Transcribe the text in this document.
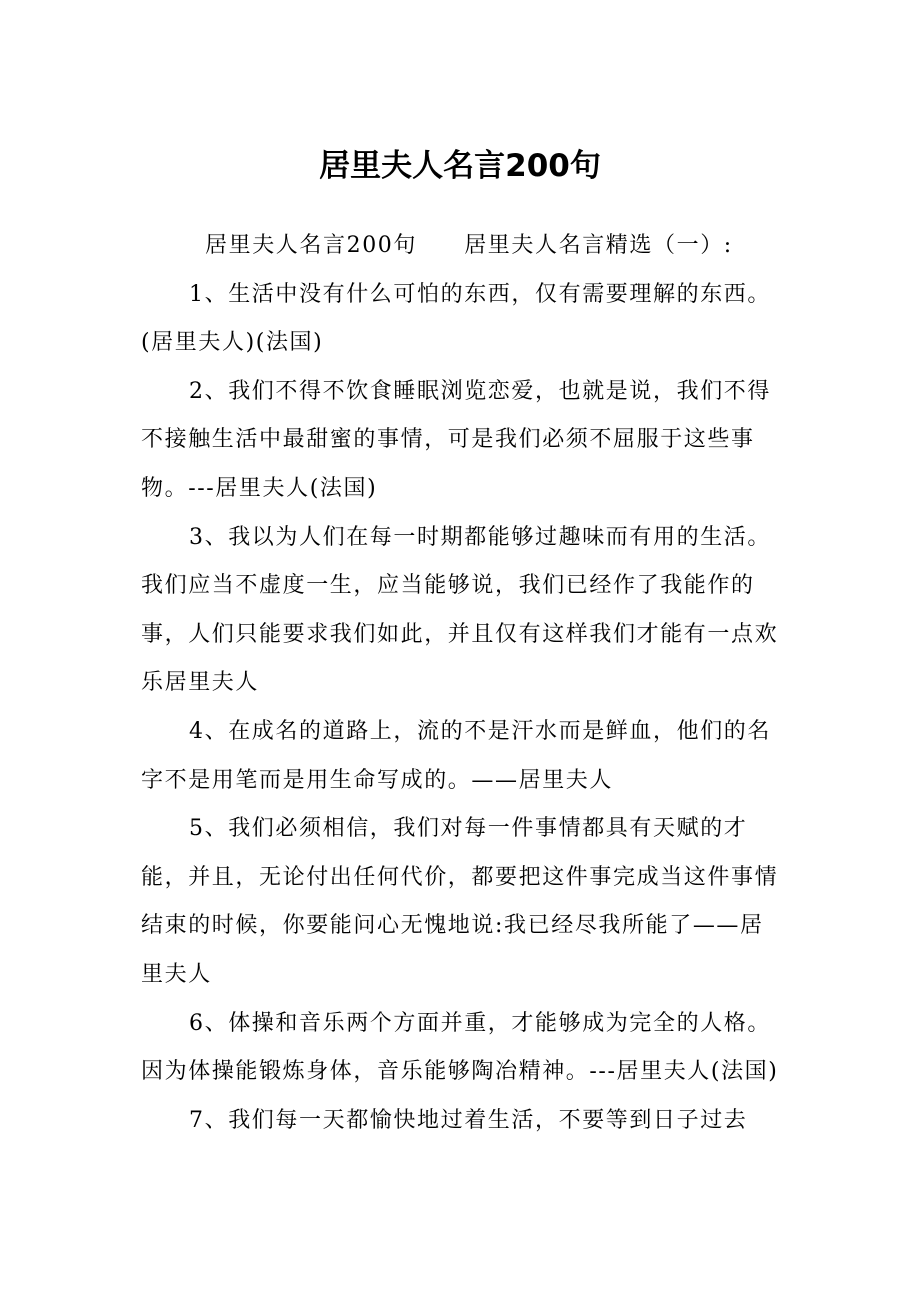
居里夫人名言200句

居里夫人名言200句　　居里夫人名言精选（一）:

1、生活中没有什么可怕的东西，仅有需要理解的东西。(居里夫人)(法国)

2、我们不得不饮食睡眠浏览恋爱，也就是说，我们不得不接触生活中最甜蜜的事情，可是我们必须不屈服于这些事物。---居里夫人(法国)

3、我以为人们在每一时期都能够过趣味而有用的生活。我们应当不虚度一生，应当能够说，我们已经作了我能作的事，人们只能要求我们如此，并且仅有这样我们才能有一点欢乐居里夫人

4、在成名的道路上，流的不是汗水而是鲜血，他们的名字不是用笔而是用生命写成的。——居里夫人

5、我们必须相信，我们对每一件事情都具有天赋的才能，并且，无论付出任何代价，都要把这件事完成当这件事情结束的时候，你要能问心无愧地说:我已经尽我所能了——居里夫人

6、体操和音乐两个方面并重，才能够成为完全的人格。因为体操能锻炼身体，音乐能够陶冶精神。---居里夫人(法国)

7、我们每一天都愉快地过着生活，不要等到日子过去
